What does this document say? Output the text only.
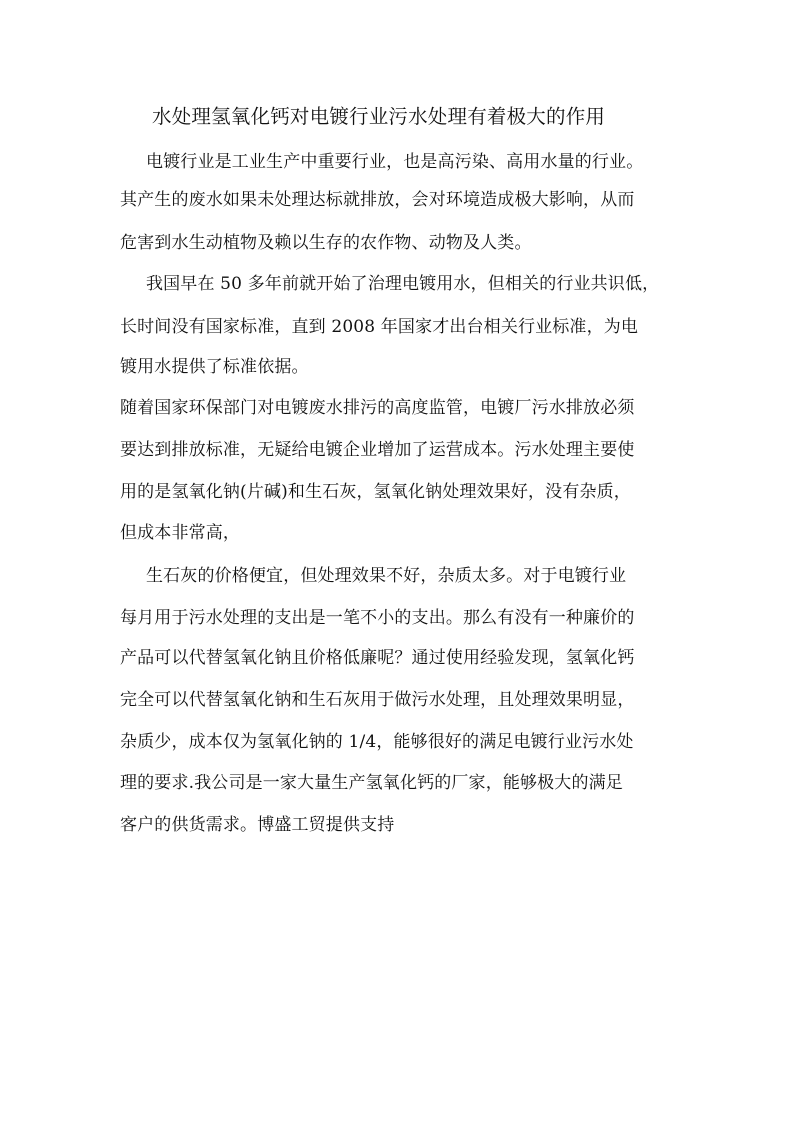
水处理氢氧化钙对电镀行业污水处理有着极大的作用
电镀行业是工业生产中重要行业，也是高污染、高用水量的行业。
其产生的废水如果未处理达标就排放，会对环境造成极大影响，从而
危害到水生动植物及赖以生存的农作物、动物及人类。
我国早在 50 多年前就开始了治理电镀用水，但相关的行业共识低，
长时间没有国家标准，直到 2008 年国家才出台相关行业标准，为电
镀用水提供了标准依据。
随着国家环保部门对电镀废水排污的高度监管，电镀厂污水排放必须
要达到排放标准，无疑给电镀企业增加了运营成本。污水处理主要使
用的是氢氧化钠(片碱)和生石灰，氢氧化钠处理效果好，没有杂质，
但成本非常高，
生石灰的价格便宜，但处理效果不好，杂质太多。对于电镀行业
每月用于污水处理的支出是一笔不小的支出。那么有没有一种廉价的
产品可以代替氢氧化钠且价格低廉呢？通过使用经验发现，氢氧化钙
完全可以代替氢氧化钠和生石灰用于做污水处理，且处理效果明显，
杂质少，成本仅为氢氧化钠的 1/4，能够很好的满足电镀行业污水处
理的要求.我公司是一家大量生产氢氧化钙的厂家，能够极大的满足
客户的供货需求。博盛工贸提供支持
